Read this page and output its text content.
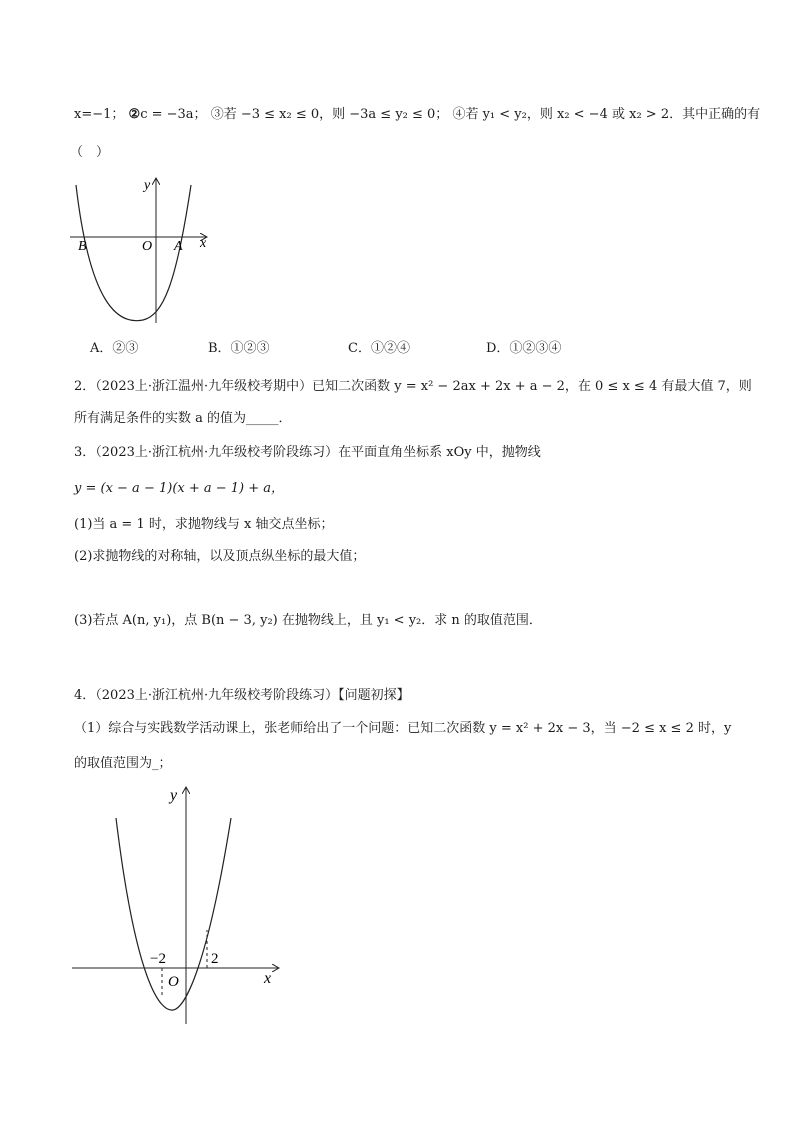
x=−1； ②c = −3a； ③若 −3 ≤ x₂ ≤ 0，则 −3a ≤ y₂ ≤ 0； ④若 y₁ < y₂，则 x₂ < −4 或 x₂ > 2．其中正确的有
（　）
y
x
O
B	A
A．②③	B．①②③	C．①②④	D．①②③④
2．（2023上·浙江温州·九年级校考期中）已知二次函数 y = x² − 2ax + 2x + a − 2，在 0 ≤ x ≤ 4 有最大值 7，则
所有满足条件的实数 a 的值为_____．
3．（2023上·浙江杭州·九年级校考阶段练习）在平面直角坐标系 xOy 中，抛物线
y = (x − a − 1)(x + a − 1) + a，
(1)当 a = 1 时，求抛物线与 x 轴交点坐标；
(2)求抛物线的对称轴，以及顶点纵坐标的最大值；
(3)若点 A(n, y₁)，点 B(n − 3, y₂) 在抛物线上，且 y₁ < y₂．求 n 的取值范围．
4．（2023上·浙江杭州·九年级校考阶段练习）【问题初探】
（1）综合与实践数学活动课上，张老师给出了一个问题：已知二次函数 y = x² + 2x − 3，当 −2 ≤ x ≤ 2 时，y
的取值范围为_；
y
x
O
−2	2
